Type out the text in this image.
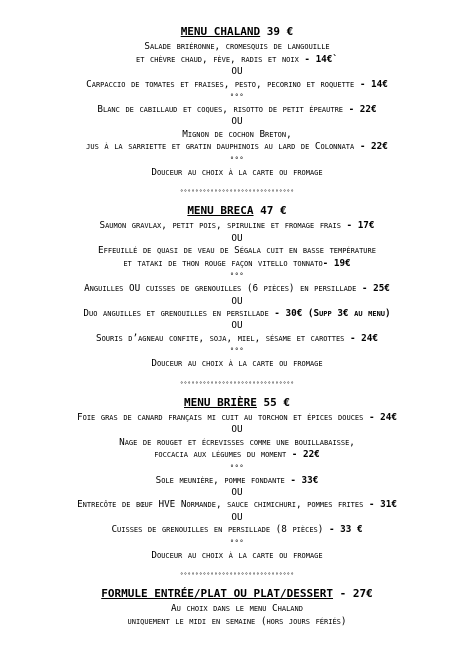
MENU CHALAND 39 €
Salade briéronne, cromesquis de langouille
et chèvre chaud, fève, radis et noix - 14€`
OU
Carpaccio de tomates et fraises, pesto, pecorino et roquette - 14€
°°°
Blanc de cabillaud et coques, risotto de petit épeautre - 22€
OU
Mignon de cochon Breton,
jus à la sarriette et gratin dauphinois au lard de Colonnata - 22€
°°°
Douceur au choix à la carte ou fromage
°°°°°°°°°°°°°°°°°°°°°°°°°°°°°°
MENU BRECA 47 €
Saumon gravlax, petit pois, spiruline et fromage frais - 17€
OU
Effeuillé de quasi de veau de Ségala cuit en basse température
et tataki de thon rouge façon vitello tonnato- 19€
°°°
Anguilles OU cuisses de grenouilles (6 pièces) en persillade - 25€
OU
Duo anguilles et grenouilles en persillade - 30€ (Supp 3€ au menu)
OU
Souris d’agneau confite, soja, miel, sésame et carottes - 24€
°°°
Douceur au choix à la carte ou fromage
°°°°°°°°°°°°°°°°°°°°°°°°°°°°°°
MENU BRIÈRE 55 €
Foie gras de canard français mi cuit au torchon et épices douces - 24€
OU
Nage de rouget et écrevisses comme une bouillabaisse,
foccacia aux légumes du moment - 22€
°°°
Sole meunière, pomme fondante - 33€
OU
Entrecôte de bœuf HVE Normande, sauce chimichuri, pommes frites - 31€
OU
Cuisses de grenouilles en persillade (8 pièces) - 33 €
°°°
Douceur au choix à la carte ou fromage
°°°°°°°°°°°°°°°°°°°°°°°°°°°°°°
FORMULE ENTRÉE/PLAT OU PLAT/DESSERT - 27€
Au choix dans le menu Chaland
uniquement le midi en semaine (hors jours fériés)
